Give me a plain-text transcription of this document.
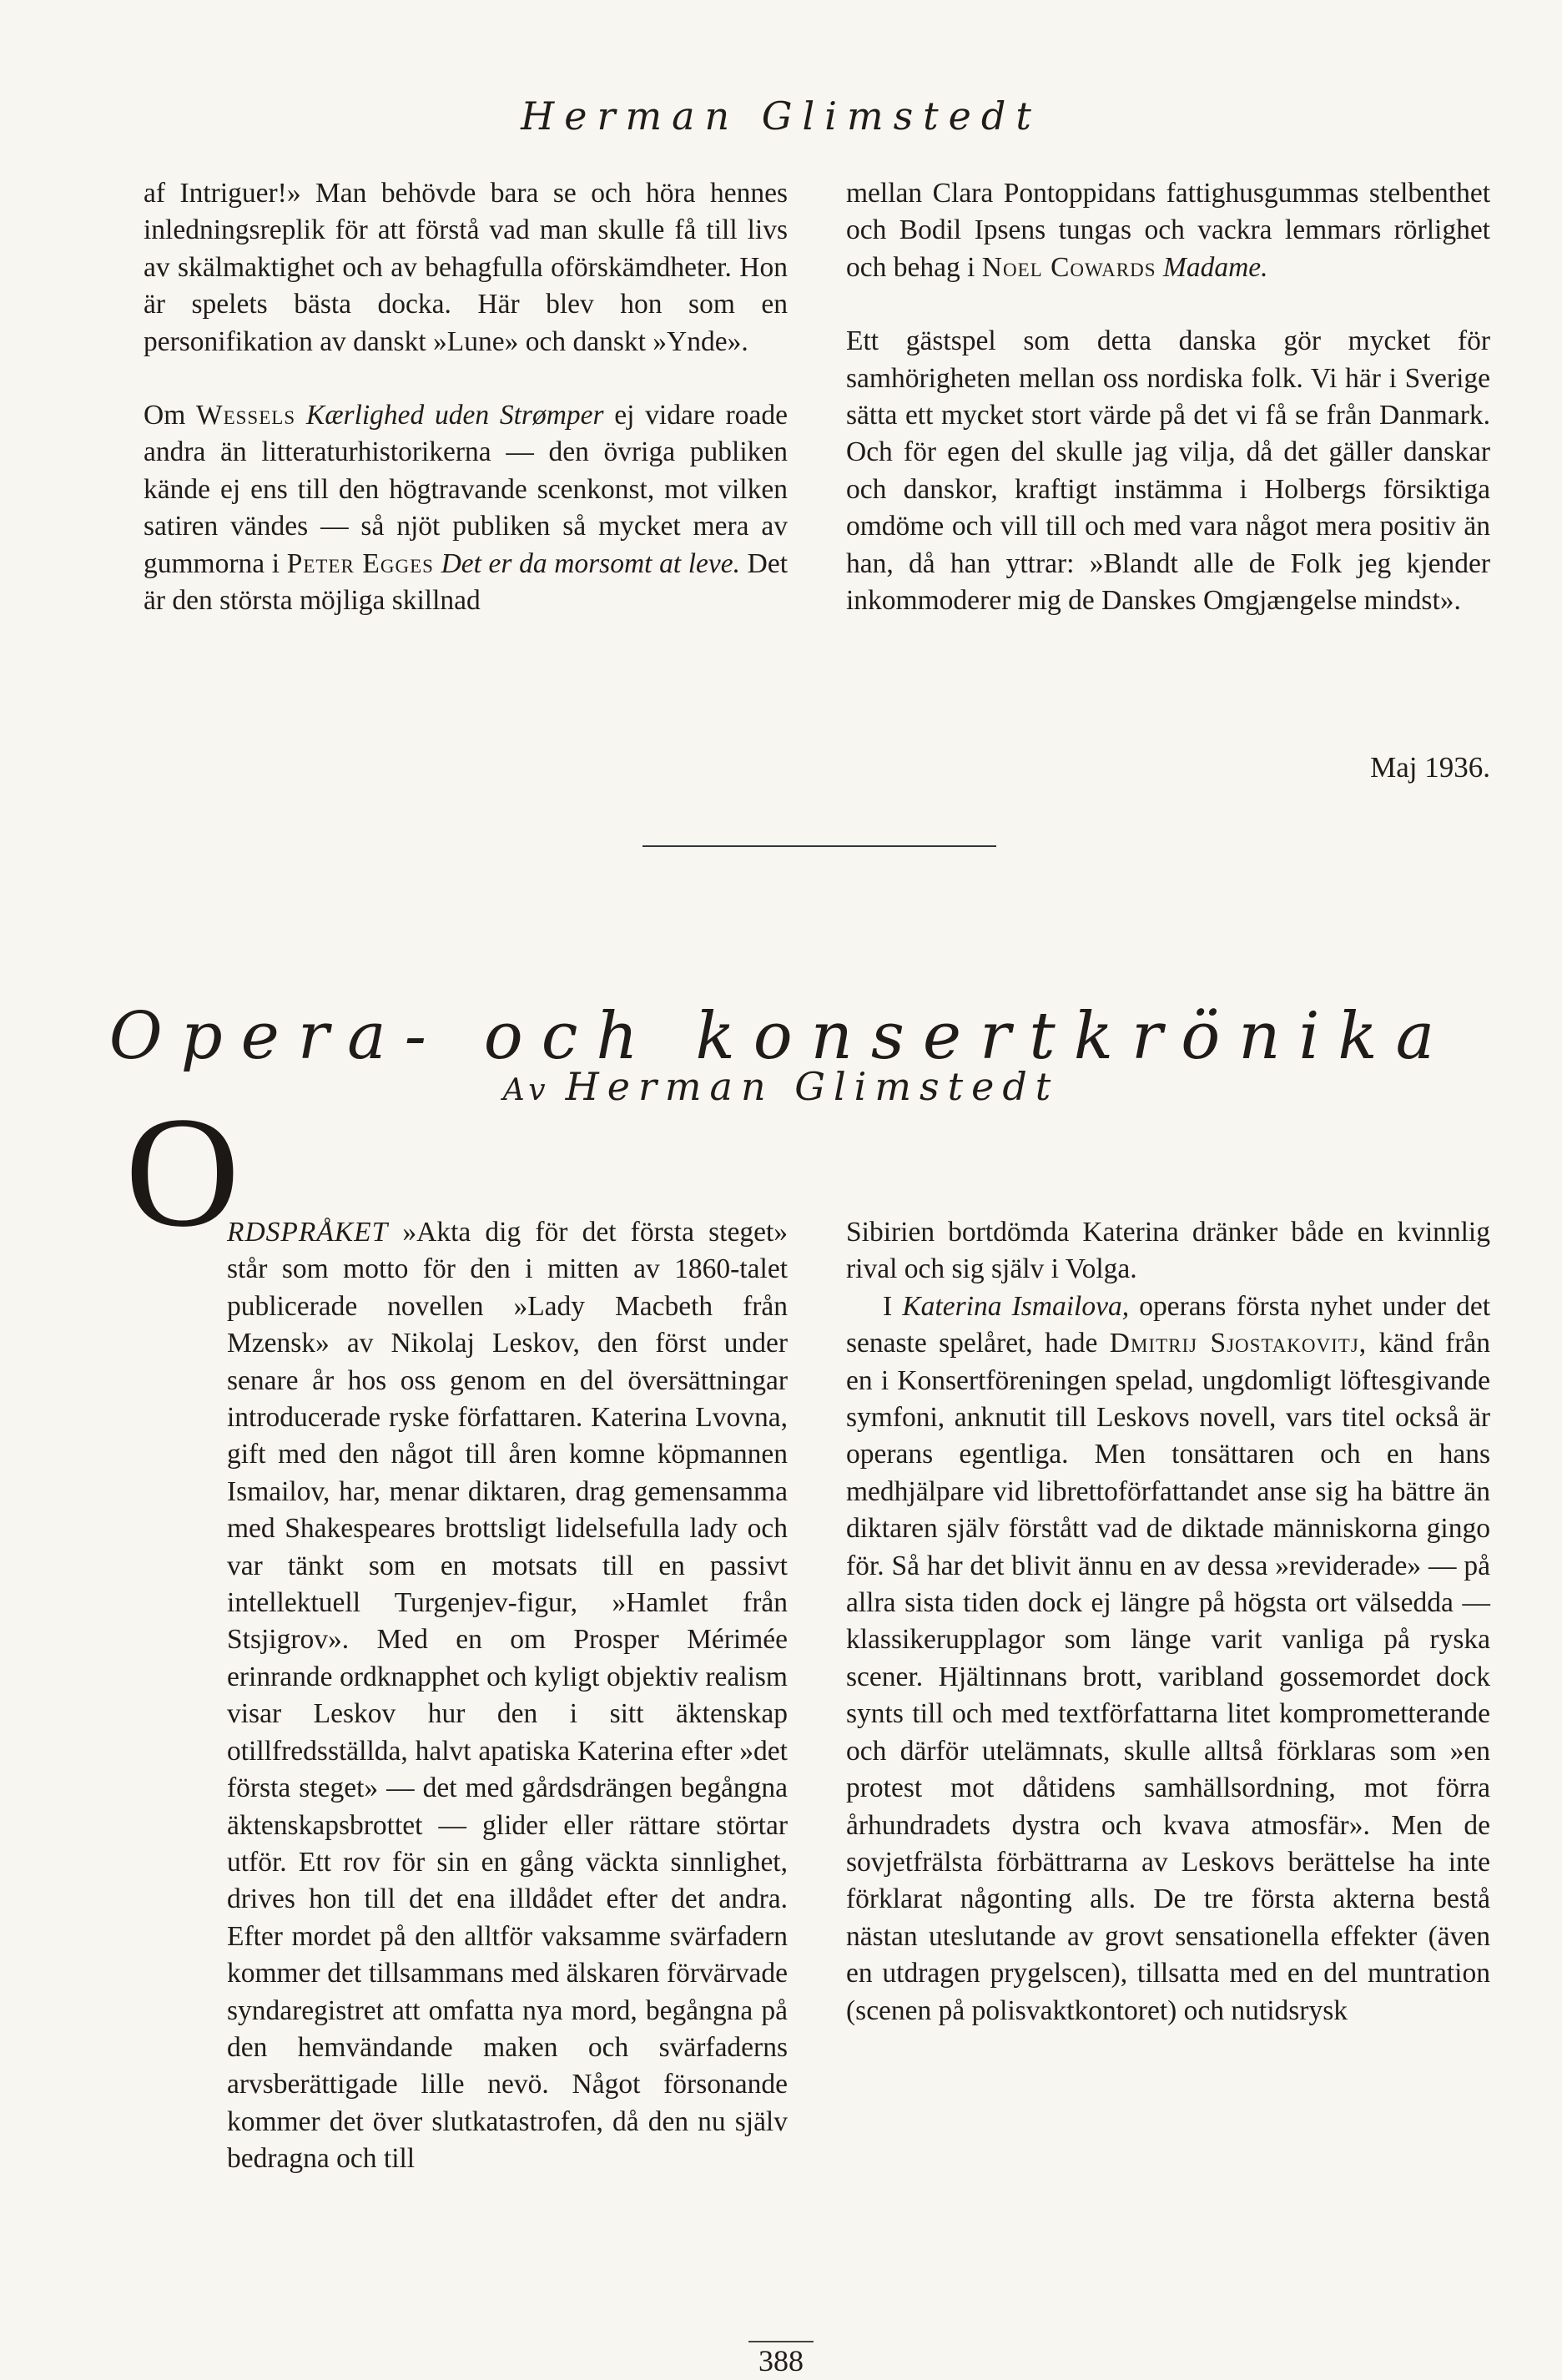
Herman Glimstedt

af Intriguer!» Man behövde bara se och höra hennes inledningsreplik för att förstå vad man skulle få till livs av skälmaktighet och av behagfulla oförskämdheter. Hon är spelets bästa docka. Här blev hon som en personifikation av danskt »Lune» och danskt »Ynde».

Om Wessels Kærlighed uden Strømper ej vidare roade andra än litteraturhistorikerna — den övriga publiken kände ej ens till den högtravande scenkonst, mot vilken satiren vändes — så njöt publiken så mycket mera av gummorna i Peter Egges Det er da morsomt at leve. Det är den största möjliga skillnad

mellan Clara Pontoppidans fattighusgummas stelbenthet och Bodil Ipsens tungas och vackra lemmars rörlighet och behag i Noel Cowards Madame.

Ett gästspel som detta danska gör mycket för samhörigheten mellan oss nordiska folk. Vi här i Sverige sätta ett mycket stort värde på det vi få se från Danmark. Och för egen del skulle jag vilja, då det gäller danskar och danskor, kraftigt instämma i Holbergs försiktiga omdöme och vill till och med vara något mera positiv än han, då han yttrar: »Blandt alle de Folk jeg kjender inkommoderer mig de Danskes Omgjængelse mindst».

Maj 1936.
Opera- och konsertkrönika
Av Herman Glimstedt
O

RDSPRÅKET »Akta dig för det första steget» står som motto för den i mitten av 1860-talet publicerade novellen »Lady Macbeth från Mzensk» av Nikolaj Leskov, den först under senare år hos oss genom en del översättningar introducerade ryske författaren. Katerina Lvovna, gift med den något till åren komne köpmannen Ismailov, har, menar diktaren, drag gemensamma med Shakespeares brottsligt lidelsefulla lady och var tänkt som en motsats till en passivt intellektuell Turgenjev-figur, »Hamlet från Stsjigrov». Med en om Prosper Mérimée erinrande ordknapphet och kyligt objektiv realism visar Leskov hur den i sitt äktenskap otillfredsställda, halvt apatiska Katerina efter »det första steget» — det med gårdsdrängen begångna äktenskapsbrottet — glider eller rättare störtar utför. Ett rov för sin en gång väckta sinnlighet, drives hon till det ena illdådet efter det andra. Efter mordet på den alltför vaksamme svärfadern kommer det tillsammans med älskaren förvärvade syndaregistret att omfatta nya mord, begångna på den hemvändande maken och svärfaderns arvsberättigade lille nevö. Något försonande kommer det över slutkatastrofen, då den nu själv bedragna och till

Sibirien bortdömda Katerina dränker både en kvinnlig rival och sig själv i Volga.

I Katerina Ismailova, operans första nyhet under det senaste spelåret, hade Dmitrij Sjostakovitj, känd från en i Konsertföreningen spelad, ungdomligt löftesgivande symfoni, anknutit till Leskovs novell, vars titel också är operans egentliga. Men tonsättaren och en hans medhjälpare vid librettoförfattandet anse sig ha bättre än diktaren själv förstått vad de diktade människorna gingo för. Så har det blivit ännu en av dessa »reviderade» — på allra sista tiden dock ej längre på högsta ort välsedda — klassikerupplagor som länge varit vanliga på ryska scener. Hjältinnans brott, varibland gossemordet dock synts till och med textförfattarna litet komprometterande och därför utelämnats, skulle alltså förklaras som »en protest mot dåtidens samhällsordning, mot förra århundradets dystra och kvava atmosfär». Men de sovjetfrälsta förbättrarna av Leskovs berättelse ha inte förklarat någonting alls. De tre första akterna bestå nästan uteslutande av grovt sensationella effekter (även en utdragen prygelscen), tillsatta med en del muntration (scenen på polisvaktkontoret) och nutidsrysk

388
